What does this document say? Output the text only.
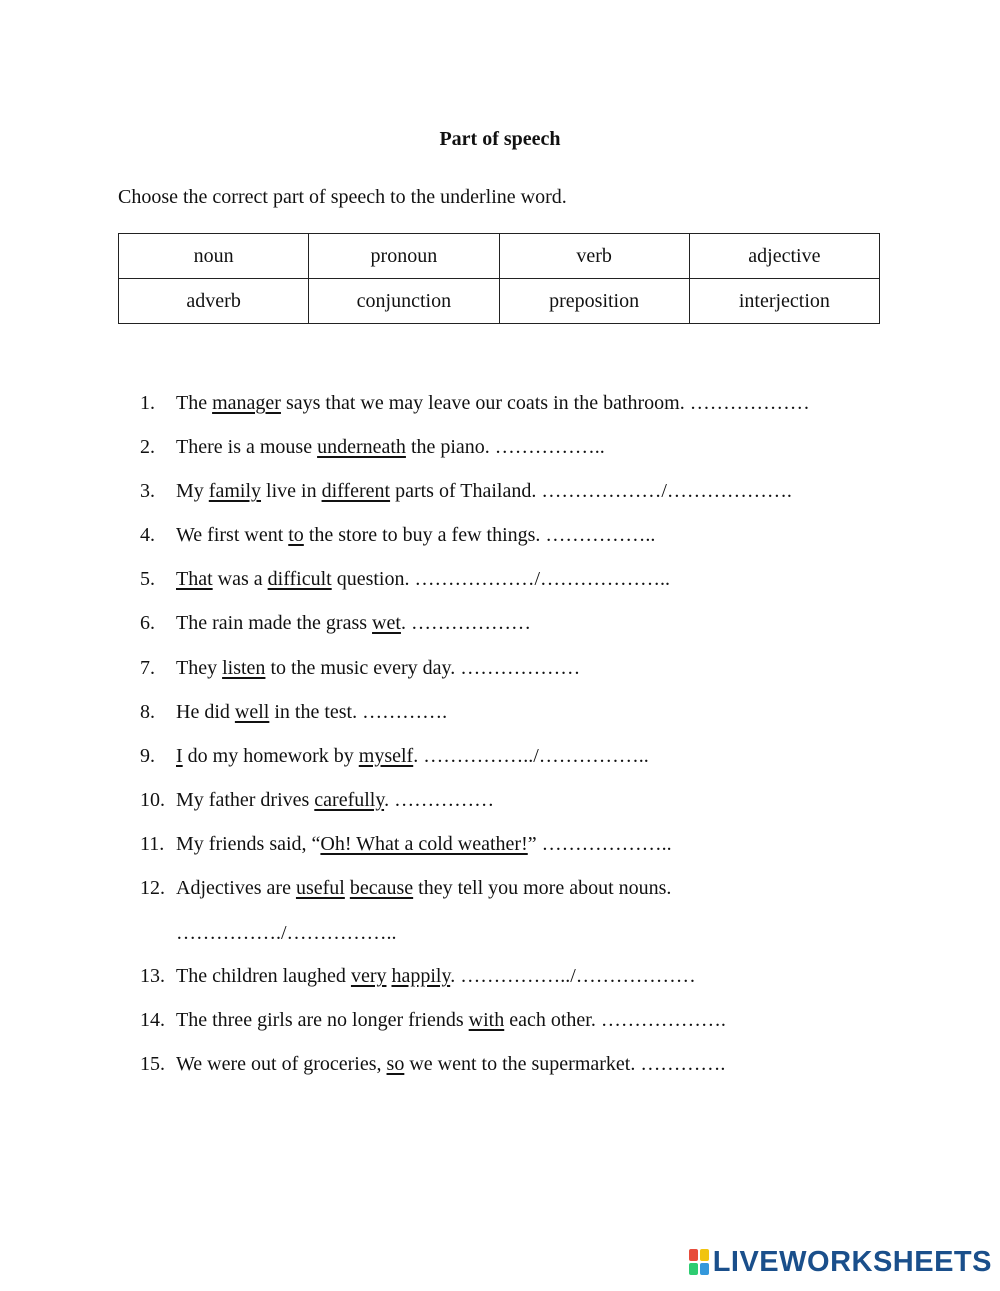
Part of speech
Choose the correct part of speech to the underline word.
noun	pronoun	verb	adjective
adverb	conjunction	preposition	interjection
1.	The manager says that we may leave our coats in the bathroom. ………………
2.	There is a mouse underneath the piano. ……………..
3.	My family live in different parts of Thailand. ………………/……………….
4.	We first went to the store to buy a few things. ……………..
5.	That was a difficult question. ………………/………………..
6.	The rain made the grass wet. ………………
7.	They listen to the music every day. ………………
8.	He did well in the test. ………….
9.	I do my homework by myself. ……………../……………..
10. My father drives carefully. ……………
11. My friends said, “Oh! What a cold weather!” ………………..
12. Adjectives are useful because they tell you more about nouns.
……………./……………..
13. The children laughed very happily. ……………../………………
14. The three girls are no longer friends with each other. ……………….
15. We were out of groceries, so we went to the supermarket. ………….
LIVEWORKSHEETS
